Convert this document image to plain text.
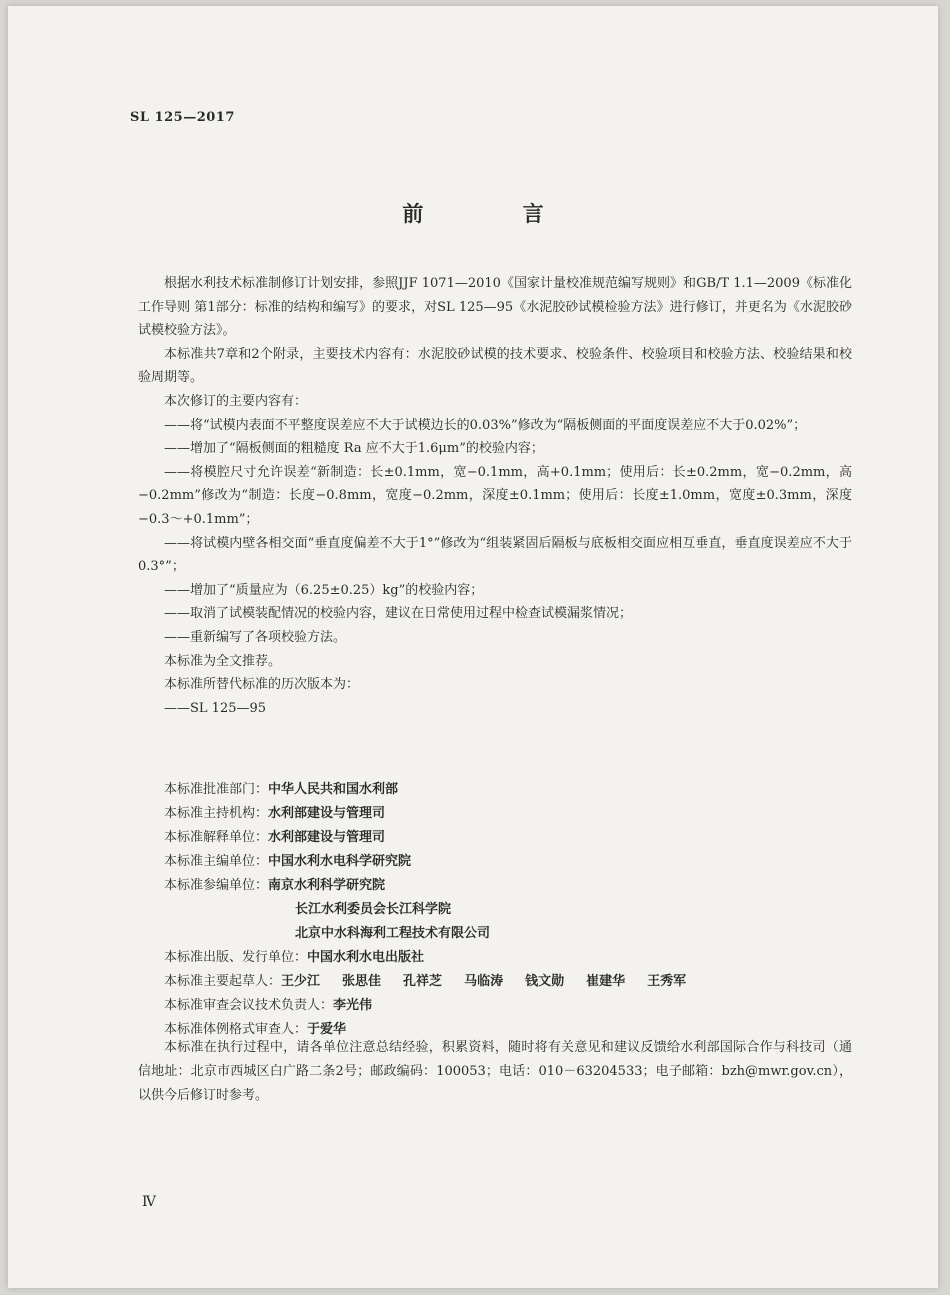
SL 125—2017
前 言

根据水利技术标准制修订计划安排，参照JJF 1071—2010《国家计量校准规范编写规则》和GB/T 1.1—2009《标准化工作导则 第1部分：标准的结构和编写》的要求，对SL 125—95《水泥胶砂试模检验方法》进行修订，并更名为《水泥胶砂试模校验方法》。

本标准共7章和2个附录，主要技术内容有：水泥胶砂试模的技术要求、校验条件、校验项目和校验方法、校验结果和校验周期等。

本次修订的主要内容有：

——将“试模内表面不平整度误差应不大于试模边长的0.03%”修改为“隔板侧面的平面度误差应不大于0.02%”；

——增加了“隔板侧面的粗糙度 Ra 应不大于1.6μm”的校验内容；

——将模腔尺寸允许误差“新制造：长±0.1mm，宽−0.1mm，高+0.1mm；使用后：长±0.2mm，宽−0.2mm，高−0.2mm”修改为“制造：长度−0.8mm，宽度−0.2mm，深度±0.1mm；使用后：长度±1.0mm，宽度±0.3mm，深度−0.3～+0.1mm”；

——将试模内壁各相交面“垂直度偏差不大于1°”修改为“组装紧固后隔板与底板相交面应相互垂直，垂直度误差应不大于0.3°”；

——增加了“质量应为（6.25±0.25）kg”的校验内容；

——取消了试模装配情况的校验内容，建议在日常使用过程中检查试模漏浆情况；

——重新编写了各项校验方法。

本标准为全文推荐。

本标准所替代标准的历次版本为：

——SL 125—95

本标准批准部门：中华人民共和国水利部
本标准主持机构：水利部建设与管理司
本标准解释单位：水利部建设与管理司
本标准主编单位：中国水利水电科学研究院
本标准参编单位：南京水利科学研究院
长江水利委员会长江科学院
北京中水科海利工程技术有限公司
本标准出版、发行单位：中国水利水电出版社
本标准主要起草人：王少江 张思佳 孔祥芝 马临涛 钱文勋 崔建华 王秀军
本标准审查会议技术负责人：李光伟
本标准体例格式审查人：于爱华

本标准在执行过程中，请各单位注意总结经验，积累资料，随时将有关意见和建议反馈给水利部国际合作与科技司（通信地址：北京市西城区白广路二条2号；邮政编码：100053；电话：010－63204533；电子邮箱：bzh@mwr.gov.cn），以供今后修订时参考。

Ⅳ
